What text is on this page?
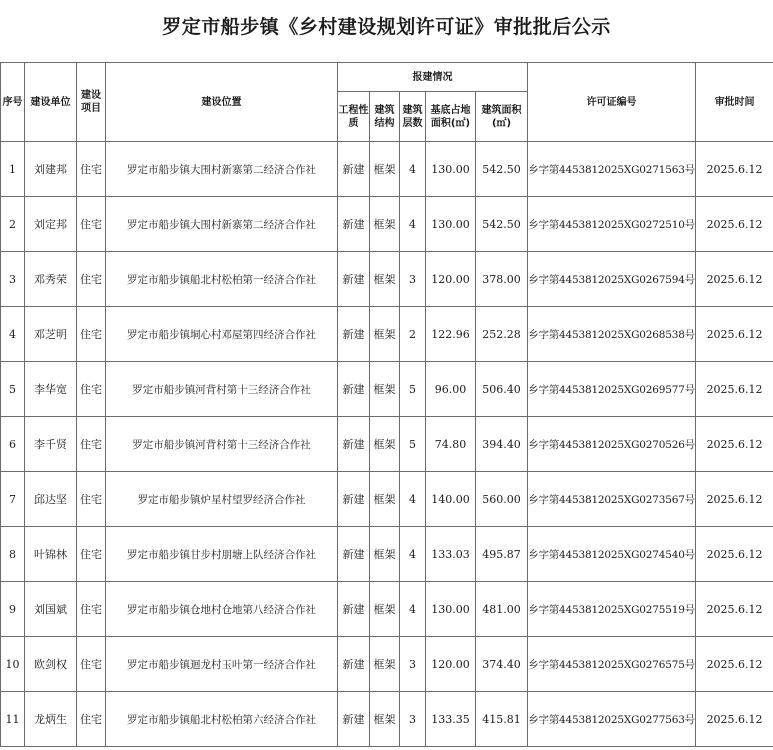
罗定市船步镇《乡村建设规划许可证》审批批后公示
序号	建设单位	建设项目	建设位置	报建情况					许可证编号	审批时间
				工程性质	建筑结构	建筑层数	基底占地面积(㎡)	建筑面积(㎡)		
1	刘建邦	住宅	罗定市船步镇大围村新寨第二经济合作社	新建	框架	4	130.00	542.50	乡字第4453812025XG0271563号	2025.6.12
2	刘定邦	住宅	罗定市船步镇大围村新寨第二经济合作社	新建	框架	4	130.00	542.50	乡字第4453812025XG0272510号	2025.6.12
3	邓秀荣	住宅	罗定市船步镇船北村松柏第一经济合作社	新建	框架	3	120.00	378.00	乡字第4453812025XG0267594号	2025.6.12
4	邓芝明	住宅	罗定市船步镇垌心村邓屋第四经济合作社	新建	框架	2	122.96	252.28	乡字第4453812025XG0268538号	2025.6.12
5	李华宽	住宅	罗定市船步镇河背村第十三经济合作社	新建	框架	5	96.00	506.40	乡字第4453812025XG0269577号	2025.6.12
6	李千贤	住宅	罗定市船步镇河背村第十三经济合作社	新建	框架	5	74.80	394.40	乡字第4453812025XG0270526号	2025.6.12
7	邱达坚	住宅	罗定市船步镇炉星村望罗经济合作社	新建	框架	4	140.00	560.00	乡字第4453812025XG0273567号	2025.6.12
8	叶锦林	住宅	罗定市船步镇甘步村朋塘上队经济合作社	新建	框架	4	133.03	495.87	乡字第4453812025XG0274540号	2025.6.12
9	刘国斌	住宅	罗定市船步镇仓地村仓地第八经济合作社	新建	框架	4	130.00	481.00	乡字第4453812025XG0275519号	2025.6.12
10	欧剑权	住宅	罗定市船步镇迴龙村玉叶第一经济合作社	新建	框架	3	120.00	374.40	乡字第4453812025XG0276575号	2025.6.12
11	龙炳生	住宅	罗定市船步镇船北村松柏第六经济合作社	新建	框架	3	133.35	415.81	乡字第4453812025XG0277563号	2025.6.12
